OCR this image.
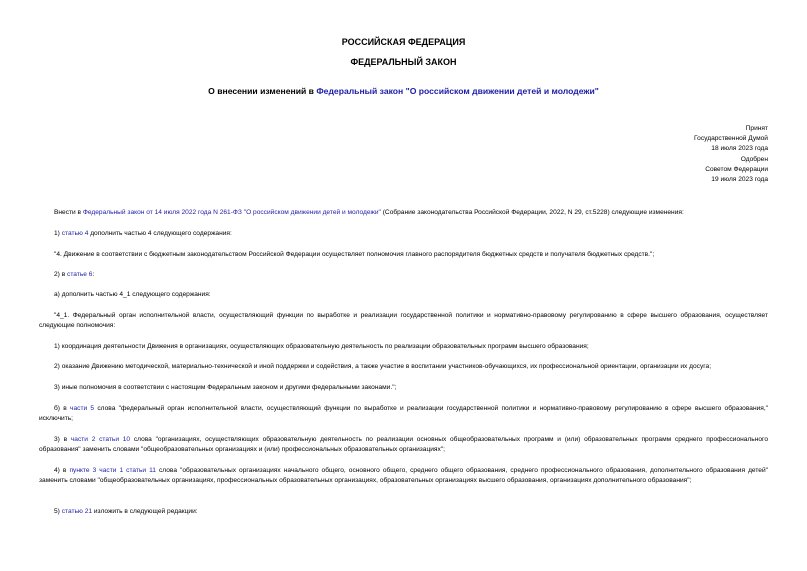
РОССИЙСКАЯ ФЕДЕРАЦИЯ
ФЕДЕРАЛЬНЫЙ ЗАКОН
О внесении изменений в Федеральный закон "О российском движении детей и молодежи"
Принят
Государственной Думой
18 июля 2023 года
Одобрен
Советом Федерации
19 июля 2023 года
Внести в Федеральный закон от 14 июля 2022 года N 261-ФЗ "О российском движении детей и молодежи" (Собрание законодательства Российской Федерации, 2022, N 29, ст.5228) следующие изменения:
1) статью 4 дополнить частью 4 следующего содержания:
"4. Движение в соответствии с бюджетным законодательством Российской Федерации осуществляет полномочия главного распорядителя бюджетных средств и получателя бюджетных средств.";
2) в статье 6:
а) дополнить частью 4_1 следующего содержания:
"4_1. Федеральный орган исполнительной власти, осуществляющий функции по выработке и реализации государственной политики и нормативно-правовому регулированию в сфере высшего образования, осуществляет следующие полномочия:
1) координация деятельности Движения в организациях, осуществляющих образовательную деятельность по реализации образовательных программ высшего образования;
2) оказание Движению методической, материально-технической и иной поддержки и содействия, а также участие в воспитании участников-обучающихся, их профессиональной ориентации, организации их досуга;
3) иные полномочия в соответствии с настоящим Федеральным законом и другими федеральными законами.";
б) в части 5 слова "федеральный орган исполнительной власти, осуществляющий функции по выработке и реализации государственной политики и нормативно-правовому регулированию в сфере высшего образования," исключить;
3) в части 2 статьи 10 слова "организациях, осуществляющих образовательную деятельность по реализации основных общеобразовательных программ и (или) образовательных программ среднего профессионального образования" заменить словами "общеобразовательных организациях и (или) профессиональных образовательных организациях";
4) в пункте 3 части 1 статьи 11 слова "образовательных организациях начального общего, основного общего, среднего общего образования, среднего профессионального образования, дополнительного образования детей" заменить словами "общеобразовательных организациях, профессиональных образовательных организациях, образовательных организациях высшего образования, организациях дополнительного образования";
5) статью 21 изложить в следующей редакции:
